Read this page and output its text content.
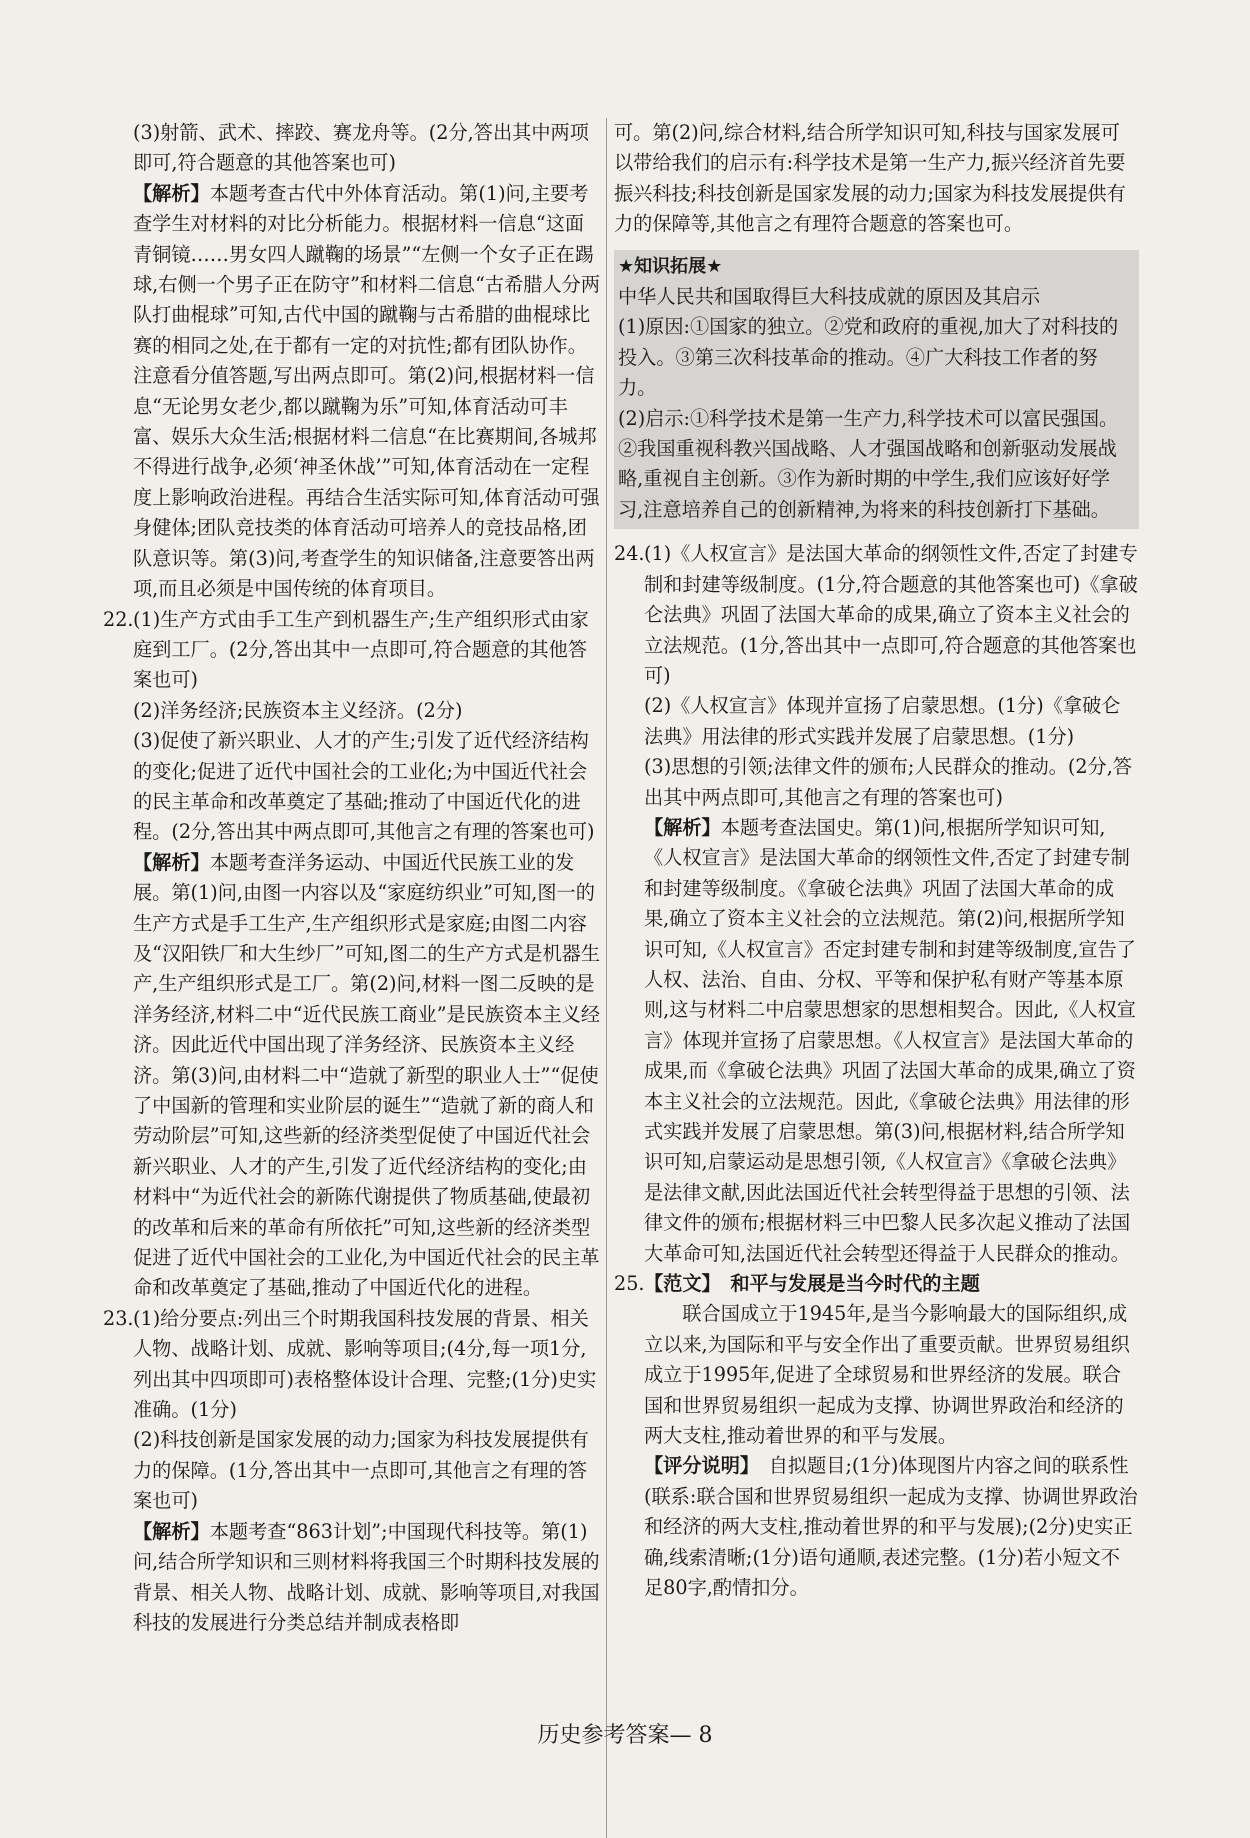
(3)射箭、武术、摔跤、赛龙舟等。(2分,答出其中两项即可,符合题意的其他答案也可)

【解析】本题考查古代中外体育活动。第(1)问,主要考查学生对材料的对比分析能力。根据材料一信息“这面青铜镜……男女四人蹴鞠的场景”“左侧一个女子正在踢球,右侧一个男子正在防守”和材料二信息“古希腊人分两队打曲棍球”可知,古代中国的蹴鞠与古希腊的曲棍球比赛的相同之处,在于都有一定的对抗性;都有团队协作。注意看分值答题,写出两点即可。第(2)问,根据材料一信息“无论男女老少,都以蹴鞠为乐”可知,体育活动可丰富、娱乐大众生活;根据材料二信息“在比赛期间,各城邦不得进行战争,必须‘神圣休战’”可知,体育活动在一定程度上影响政治进程。再结合生活实际可知,体育活动可强身健体;团队竞技类的体育活动可培养人的竞技品格,团队意识等。第(3)问,考查学生的知识储备,注意要答出两项,而且必须是中国传统的体育项目。

22.(1)生产方式由手工生产到机器生产;生产组织形式由家庭到工厂。(2分,答出其中一点即可,符合题意的其他答案也可)

(2)洋务经济;民族资本主义经济。(2分)

(3)促使了新兴职业、人才的产生;引发了近代经济结构的变化;促进了近代中国社会的工业化;为中国近代社会的民主革命和改革奠定了基础;推动了中国近代化的进程。(2分,答出其中两点即可,其他言之有理的答案也可)

【解析】本题考查洋务运动、中国近代民族工业的发展。第(1)问,由图一内容以及“家庭纺织业”可知,图一的生产方式是手工生产,生产组织形式是家庭;由图二内容及“汉阳铁厂和大生纱厂”可知,图二的生产方式是机器生产,生产组织形式是工厂。第(2)问,材料一图二反映的是洋务经济,材料二中“近代民族工商业”是民族资本主义经济。因此近代中国出现了洋务经济、民族资本主义经济。第(3)问,由材料二中“造就了新型的职业人士”“促使了中国新的管理和实业阶层的诞生”“造就了新的商人和劳动阶层”可知,这些新的经济类型促使了中国近代社会新兴职业、人才的产生,引发了近代经济结构的变化;由材料中“为近代社会的新陈代谢提供了物质基础,使最初的改革和后来的革命有所依托”可知,这些新的经济类型促进了近代中国社会的工业化,为中国近代社会的民主革命和改革奠定了基础,推动了中国近代化的进程。

23.(1)给分要点:列出三个时期我国科技发展的背景、相关人物、战略计划、成就、影响等项目;(4分,每一项1分,列出其中四项即可)表格整体设计合理、完整;(1分)史实准确。(1分)

(2)科技创新是国家发展的动力;国家为科技发展提供有力的保障。(1分,答出其中一点即可,其他言之有理的答案也可)

【解析】本题考查“863计划”;中国现代科技等。第(1)问,结合所学知识和三则材料将我国三个时期科技发展的背景、相关人物、战略计划、成就、影响等项目,对我国科技的发展进行分类总结并制成表格即

可。第(2)问,综合材料,结合所学知识可知,科技与国家发展可以带给我们的启示有:科学技术是第一生产力,振兴经济首先要振兴科技;科技创新是国家发展的动力;国家为科技发展提供有力的保障等,其他言之有理符合题意的答案也可。

★知识拓展★
中华人民共和国取得巨大科技成就的原因及其启示
(1)原因:①国家的独立。②党和政府的重视,加大了对科技的投入。③第三次科技革命的推动。④广大科技工作者的努力。
(2)启示:①科学技术是第一生产力,科学技术可以富民强国。②我国重视科教兴国战略、人才强国战略和创新驱动发展战略,重视自主创新。③作为新时期的中学生,我们应该好好学习,注意培养自己的创新精神,为将来的科技创新打下基础。

24.(1)《人权宣言》是法国大革命的纲领性文件,否定了封建专制和封建等级制度。(1分,符合题意的其他答案也可)《拿破仑法典》巩固了法国大革命的成果,确立了资本主义社会的立法规范。(1分,答出其中一点即可,符合题意的其他答案也可)

(2)《人权宣言》体现并宣扬了启蒙思想。(1分)《拿破仑法典》用法律的形式实践并发展了启蒙思想。(1分)

(3)思想的引领;法律文件的颁布;人民群众的推动。(2分,答出其中两点即可,其他言之有理的答案也可)

【解析】本题考查法国史。第(1)问,根据所学知识可知,《人权宣言》是法国大革命的纲领性文件,否定了封建专制和封建等级制度。《拿破仑法典》巩固了法国大革命的成果,确立了资本主义社会的立法规范。第(2)问,根据所学知识可知,《人权宣言》否定封建专制和封建等级制度,宣告了人权、法治、自由、分权、平等和保护私有财产等基本原则,这与材料二中启蒙思想家的思想相契合。因此,《人权宣言》体现并宣扬了启蒙思想。《人权宣言》是法国大革命的成果,而《拿破仑法典》巩固了法国大革命的成果,确立了资本主义社会的立法规范。因此,《拿破仑法典》用法律的形式实践并发展了启蒙思想。第(3)问,根据材料,结合所学知识可知,启蒙运动是思想引领,《人权宣言》《拿破仑法典》是法律文献,因此法国近代社会转型得益于思想的引领、法律文件的颁布;根据材料三中巴黎人民多次起义推动了法国大革命可知,法国近代社会转型还得益于人民群众的推动。

25.【范文】　和平与发展是当今时代的主题

联合国成立于1945年,是当今影响最大的国际组织,成立以来,为国际和平与安全作出了重要贡献。世界贸易组织成立于1995年,促进了全球贸易和世界经济的发展。联合国和世界贸易组织一起成为支撑、协调世界政治和经济的两大支柱,推动着世界的和平与发展。

【评分说明】　自拟题目;(1分)体现图片内容之间的联系性(联系:联合国和世界贸易组织一起成为支撑、协调世界政治和经济的两大支柱,推动着世界的和平与发展);(2分)史实正确,线索清晰;(1分)语句通顺,表述完整。(1分)若小短文不足80字,酌情扣分。

历史参考答案— 8
